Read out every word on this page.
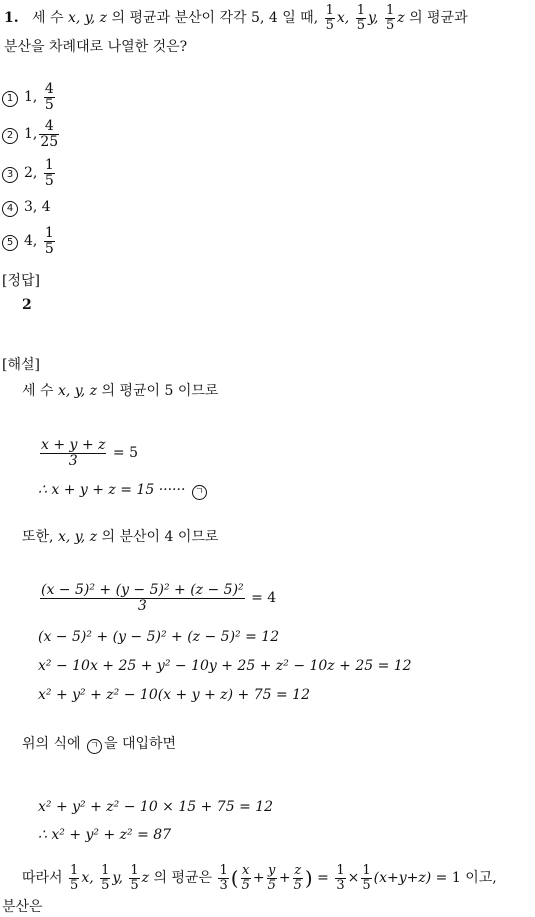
1. 세 수 x, y, z 의 평균과 분산이 각각 5, 4 일 때, $\frac{1}{5} x$, $\frac{1}{5} y$, $\frac{1}{5}$ z 의 평균과
분산을 차례대로 나열한 것은?
1 1, $\frac{4}{5}$
2 1, $\frac{4}{25}$
3 2, $\frac{1}{5}$
4 3, 4
5 4, $\frac{1}{5}$
[정답]
2
[해설]
세 수 x, y, z 의 평균이 5 이므로
$\frac{x + y + z}{3} = 5$
∴ x + y + z = 15 ······ ㄱ
또한, x, y, z 의 분산이 4 이므로
$\frac{\text{(x − 5)² + (y − 5)² + (z − 5)²}}{3} = 4$
(x − 5)² + (y − 5)² + (z − 5)² = 12
x² − 10x + 25 + y² − 10y + 25 + z² − 10z + 25 = 12
x² + y² + z² − 10(x + y + z) + 75 = 12
위의 식에 ㄱ 을 대입하면
x² + y² + z² − 10 × 15 + 75 = 12
∴ x² + y² + z² = 87
따라서 $\frac{1}{5} x$, $\frac{1}{5} y$, $\frac{1}{5}$ z 의 평균은 $\frac{1}{3}$ ( $\frac{x}{5} + \frac{y}{5} + \frac{z}{5}$ ) = $\frac{1}{3} \times \frac{1}{5} (x+y+z) = 1$ 이고,
분산은
